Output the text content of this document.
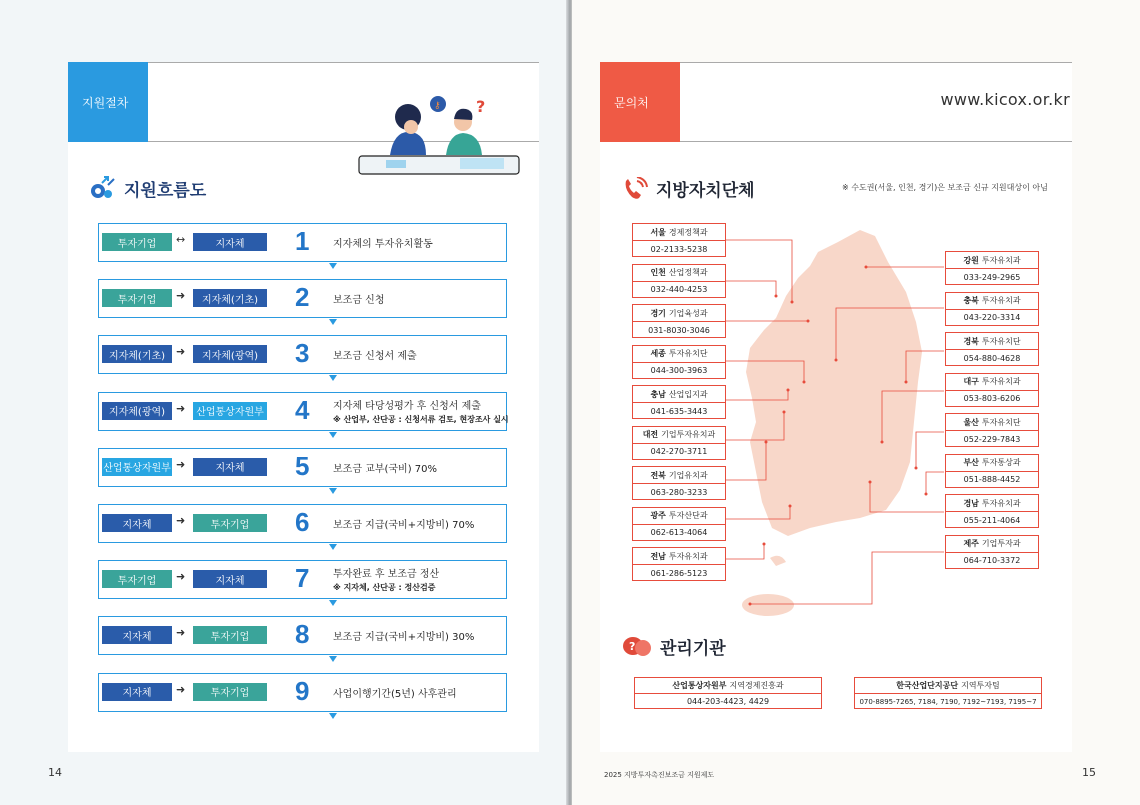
지원절차	⚷ ?
지원흐름도
투자기업	↔	지자체	1 지자체의 투자유치활동
투자기업	➜	지자체(기초)	2 보조금 신청
지자체(기초) ➜	지자체(광역)	3 보조금 신청서 제출
지자체(광역) ➜	산업통상자원부 4 지자체 타당성평가 후 신청서 제출
※ 산업부, 산단공 : 신청서류 검토, 현장조사 실시
산업통상자원부 ➜	지자체	5 보조금 교부(국비) 70%
지자체	➜	투자기업	6 보조금 지급(국비+지방비) 70%
투자기업	➜	지자체	7 투자완료 후 보조금 정산
※ 지자체, 산단공 : 정산검증
지자체	➜	투자기업	8 보조금 지급(국비+지방비) 30%
지자체	➜	투자기업	9 사업이행기간(5년) 사후관리
14
문의처	www.kicox.or.kr
지방자치단체	※ 수도권(서울, 인천, 경기)은 보조금 신규 지원대상이 아님
서울 경제정책과
02-2133-5238
인천 산업정책과
032-440-4253
경기 기업육성과
031-8030-3046
세종 투자유치단
044-300-3963
충남 산업입지과
041-635-3443
대전 기업투자유치과
042-270-3711
전북 기업유치과
063-280-3233
광주 투자산단과
062-613-4064
전남 투자유치과
061-286-5123
강원 투자유치과
033-249-2965
충북 투자유치과
043-220-3314
경북 투자유치단
054-880-4628
대구 투자유치과
053-803-6206
울산 투자유치단
052-229-7843
부산 투자통상과
051-888-4452
경남 투자유치과
055-211-4064
제주 기업투자과
064-710-3372
? 관리기관
산업통상자원부 지역경제진흥과
044-203-4423, 4429
한국산업단지공단 지역투자팀
070-8895-7265, 7184, 7190, 7192~7193, 7195~7
15
2025 지방투자촉진보조금 지원제도
